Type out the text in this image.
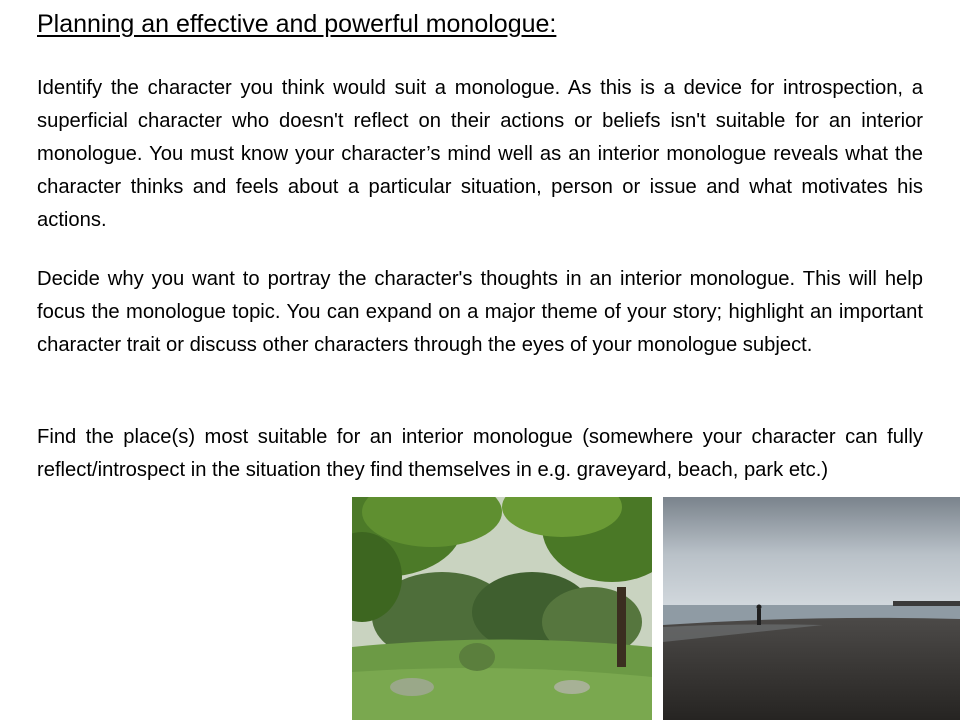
Planning an effective and powerful monologue:

Identify the character you think would suit a monologue. As this is a device for introspection, a superficial character who doesn't reflect on their actions or beliefs isn't suitable for an interior monologue. You must know your character’s mind well as an interior monologue reveals what the character thinks and feels about a particular situation, person or issue and what motivates his actions.

Decide why you want to portray the character's thoughts in an interior monologue. This will help focus the monologue topic. You can expand on a major theme of your story; highlight an important character trait or discuss other characters through the eyes of your monologue subject.

Find the place(s) most suitable for an interior monologue (somewhere your character can fully reflect/introspect in the situation they find themselves in e.g. graveyard, beach, park etc.)
